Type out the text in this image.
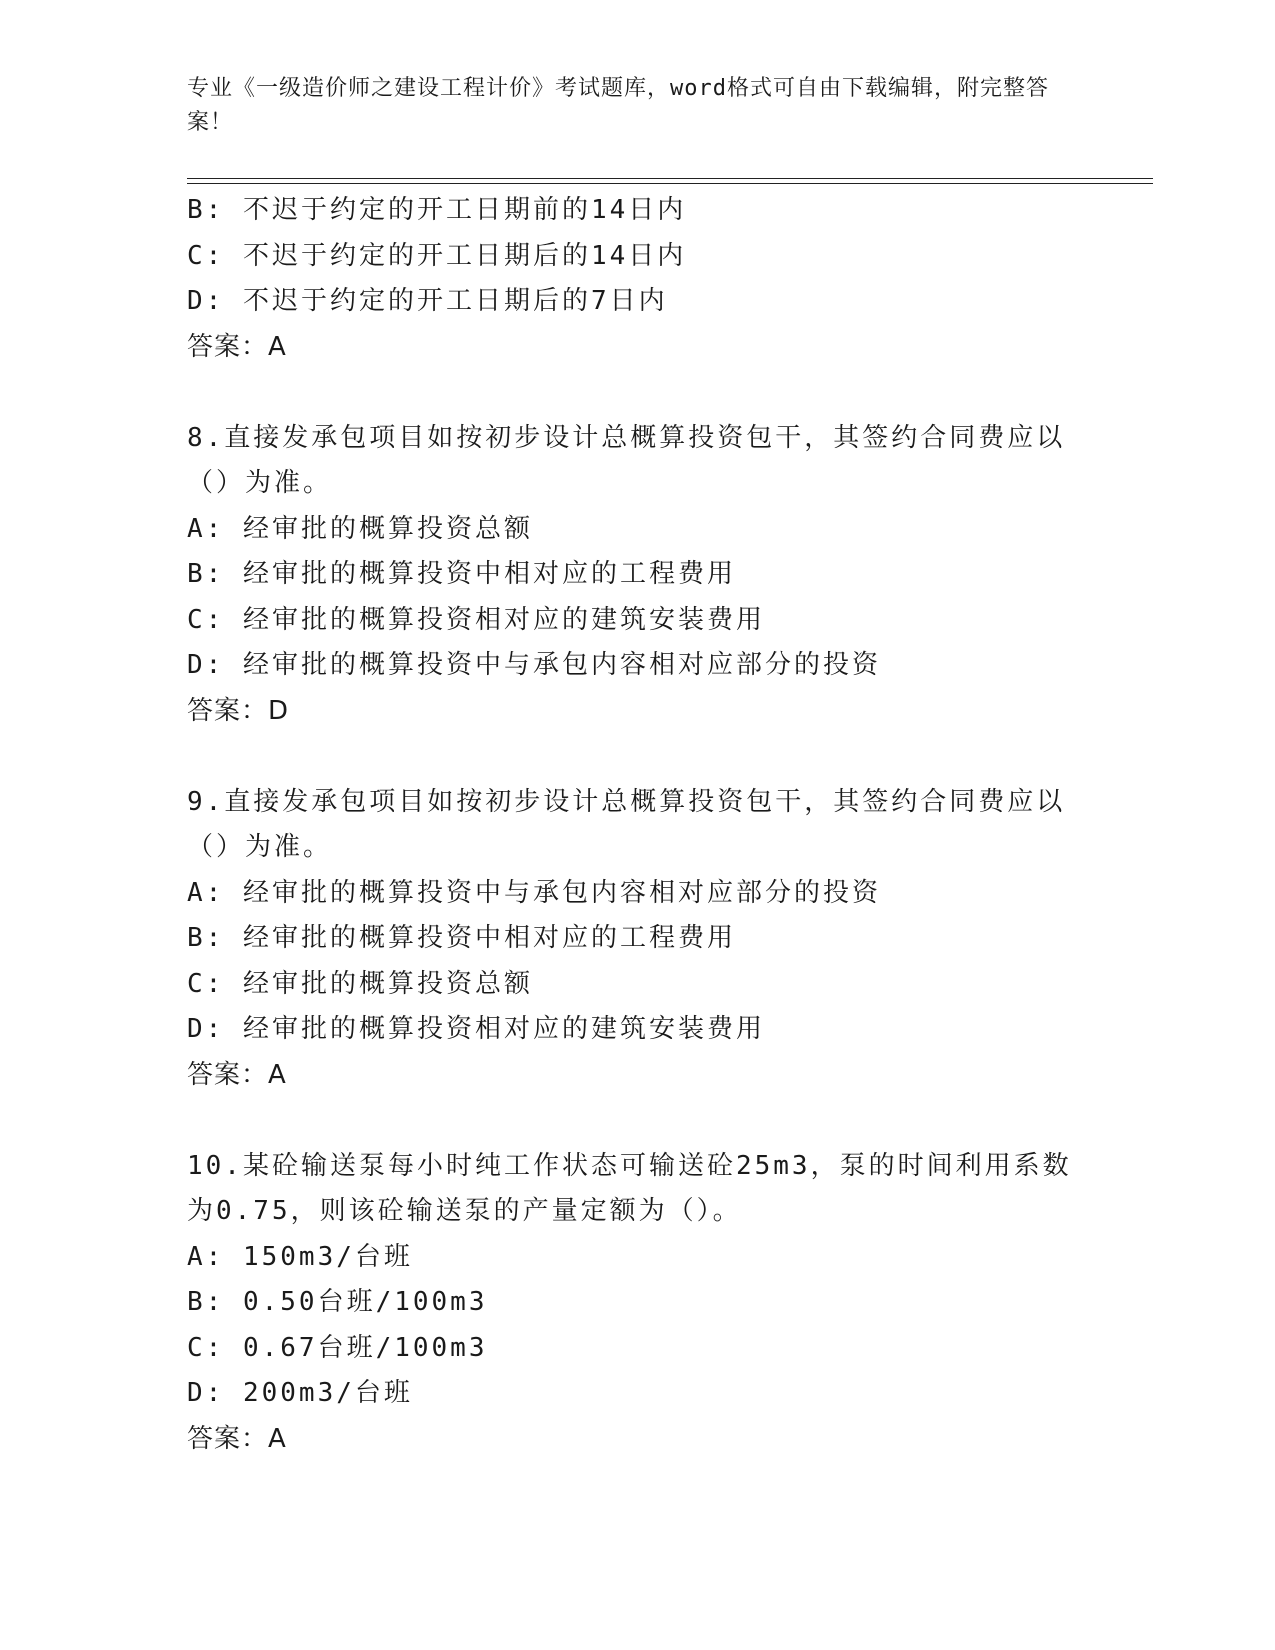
专业《一级造价师之建设工程计价》考试题库，word格式可自由下载编辑，附完整答案！
B: 不迟于约定的开工日期前的14日内
C: 不迟于约定的开工日期后的14日内
D: 不迟于约定的开工日期后的7日内
答案：A
8.直接发承包项目如按初步设计总概算投资包干，其签约合同费应以（）为准。
A: 经审批的概算投资总额
B: 经审批的概算投资中相对应的工程费用
C: 经审批的概算投资相对应的建筑安装费用
D: 经审批的概算投资中与承包内容相对应部分的投资
答案：D
9.直接发承包项目如按初步设计总概算投资包干，其签约合同费应以（）为准。
A: 经审批的概算投资中与承包内容相对应部分的投资
B: 经审批的概算投资中相对应的工程费用
C: 经审批的概算投资总额
D: 经审批的概算投资相对应的建筑安装费用
答案：A
10.某砼输送泵每小时纯工作状态可输送砼25m3，泵的时间利用系数为0.75，则该砼输送泵的产量定额为（）。
A: 150m3/台班
B: 0.50台班/100m3
C: 0.67台班/100m3
D: 200m3/台班
答案：A
